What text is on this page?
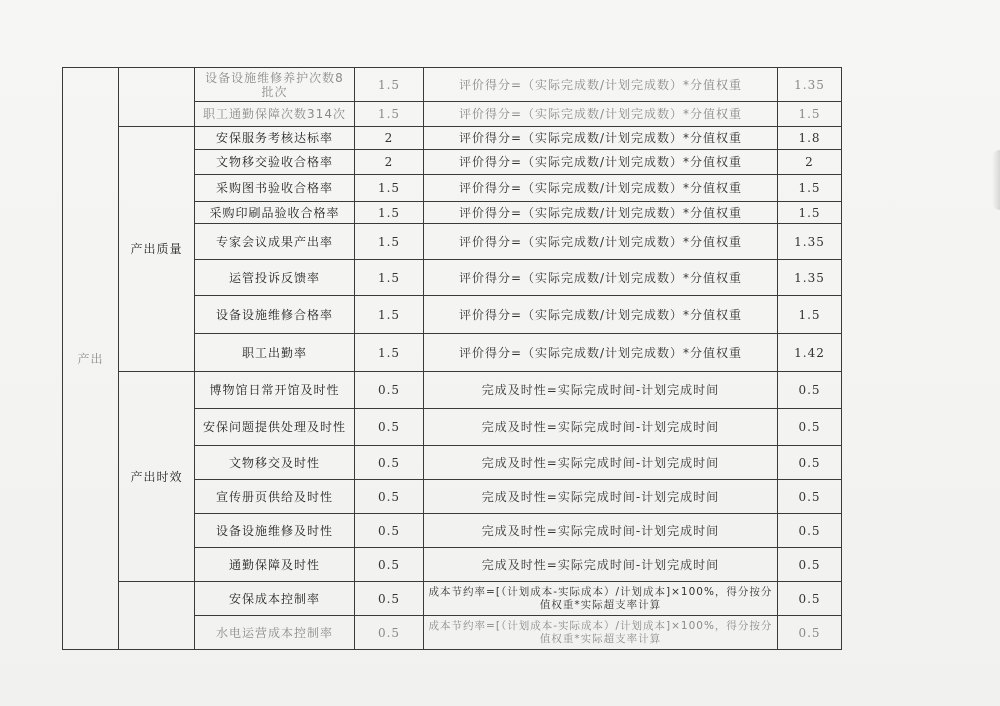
产出		设备设施维修养护次数8批次	1.5	评价得分=（实际完成数/计划完成数）*分值权重	1.35
		职工通勤保障次数314次	1.5	评价得分=（实际完成数/计划完成数）*分值权重	1.5
	产出质量	安保服务考核达标率	2	评价得分=（实际完成数/计划完成数）*分值权重	1.8
		文物移交验收合格率	2	评价得分=（实际完成数/计划完成数）*分值权重	2
		采购图书验收合格率	1.5	评价得分=（实际完成数/计划完成数）*分值权重	1.5
		采购印刷品验收合格率	1.5	评价得分=（实际完成数/计划完成数）*分值权重	1.5
		专家会议成果产出率	1.5	评价得分=（实际完成数/计划完成数）*分值权重	1.35
		运管投诉反馈率	1.5	评价得分=（实际完成数/计划完成数）*分值权重	1.35
		设备设施维修合格率	1.5	评价得分=（实际完成数/计划完成数）*分值权重	1.5
		职工出勤率	1.5	评价得分=（实际完成数/计划完成数）*分值权重	1.42
	产出时效	博物馆日常开馆及时性	0.5	完成及时性=实际完成时间-计划完成时间	0.5
		安保问题提供处理及时性	0.5	完成及时性=实际完成时间-计划完成时间	0.5
		文物移交及时性	0.5	完成及时性=实际完成时间-计划完成时间	0.5
		宣传册页供给及时性	0.5	完成及时性=实际完成时间-计划完成时间	0.5
		设备设施维修及时性	0.5	完成及时性=实际完成时间-计划完成时间	0.5
		通勤保障及时性	0.5	完成及时性=实际完成时间-计划完成时间	0.5
		安保成本控制率	0.5	成本节约率=[（计划成本-实际成本）/计划成本]×100%，得分按分值权重*实际超支率计算	0.5
		水电运营成本控制率	0.5	成本节约率=[（计划成本-实际成本）/计划成本]×100%，得分按分值权重*实际超支率计算	0.5
